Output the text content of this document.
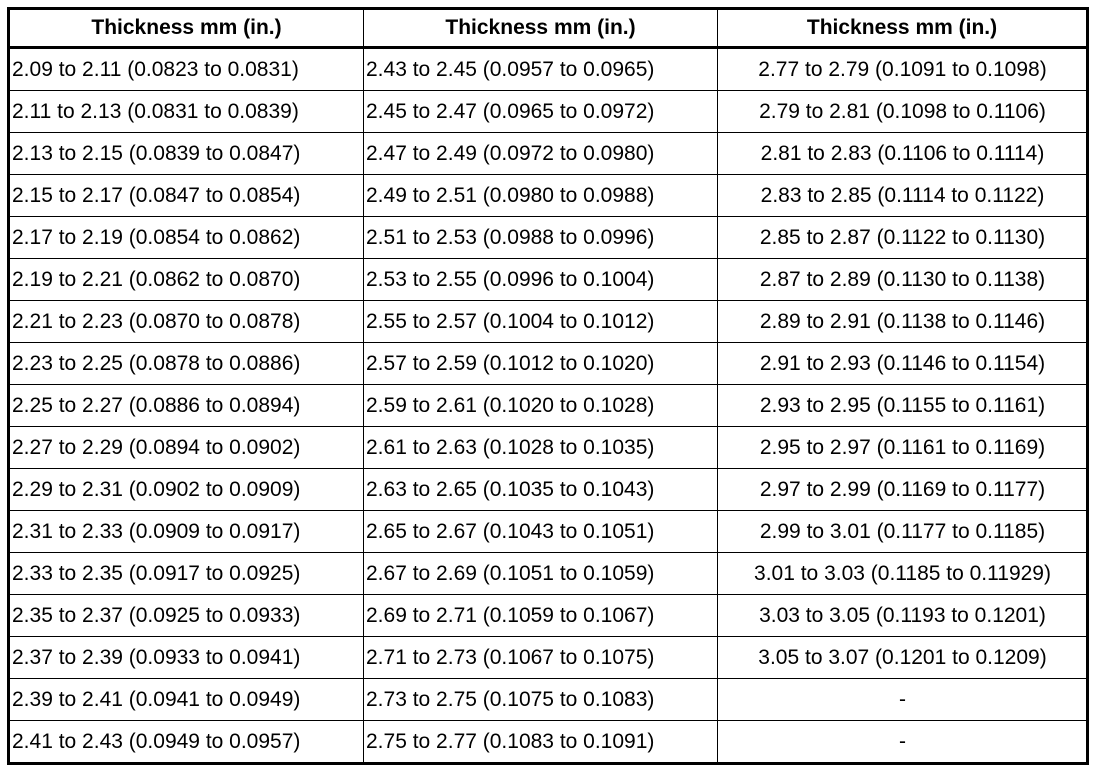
Thickness mm (in.)	Thickness mm (in.)	Thickness mm (in.)
2.09 to 2.11 (0.0823 to 0.0831)	2.43 to 2.45 (0.0957 to 0.0965)	2.77 to 2.79 (0.1091 to 0.1098)
2.11 to 2.13 (0.0831 to 0.0839)	2.45 to 2.47 (0.0965 to 0.0972)	2.79 to 2.81 (0.1098 to 0.1106)
2.13 to 2.15 (0.0839 to 0.0847)	2.47 to 2.49 (0.0972 to 0.0980)	2.81 to 2.83 (0.1106 to 0.1114)
2.15 to 2.17 (0.0847 to 0.0854)	2.49 to 2.51 (0.0980 to 0.0988)	2.83 to 2.85 (0.1114 to 0.1122)
2.17 to 2.19 (0.0854 to 0.0862)	2.51 to 2.53 (0.0988 to 0.0996)	2.85 to 2.87 (0.1122 to 0.1130)
2.19 to 2.21 (0.0862 to 0.0870)	2.53 to 2.55 (0.0996 to 0.1004)	2.87 to 2.89 (0.1130 to 0.1138)
2.21 to 2.23 (0.0870 to 0.0878)	2.55 to 2.57 (0.1004 to 0.1012)	2.89 to 2.91 (0.1138 to 0.1146)
2.23 to 2.25 (0.0878 to 0.0886)	2.57 to 2.59 (0.1012 to 0.1020)	2.91 to 2.93 (0.1146 to 0.1154)
2.25 to 2.27 (0.0886 to 0.0894)	2.59 to 2.61 (0.1020 to 0.1028)	2.93 to 2.95 (0.1155 to 0.1161)
2.27 to 2.29 (0.0894 to 0.0902)	2.61 to 2.63 (0.1028 to 0.1035)	2.95 to 2.97 (0.1161 to 0.1169)
2.29 to 2.31 (0.0902 to 0.0909)	2.63 to 2.65 (0.1035 to 0.1043)	2.97 to 2.99 (0.1169 to 0.1177)
2.31 to 2.33 (0.0909 to 0.0917)	2.65 to 2.67 (0.1043 to 0.1051)	2.99 to 3.01 (0.1177 to 0.1185)
2.33 to 2.35 (0.0917 to 0.0925)	2.67 to 2.69 (0.1051 to 0.1059)	3.01 to 3.03 (0.1185 to 0.11929)
2.35 to 2.37 (0.0925 to 0.0933)	2.69 to 2.71 (0.1059 to 0.1067)	3.03 to 3.05 (0.1193 to 0.1201)
2.37 to 2.39 (0.0933 to 0.0941)	2.71 to 2.73 (0.1067 to 0.1075)	3.05 to 3.07 (0.1201 to 0.1209)
2.39 to 2.41 (0.0941 to 0.0949)	2.73 to 2.75 (0.1075 to 0.1083)	-
2.41 to 2.43 (0.0949 to 0.0957)	2.75 to 2.77 (0.1083 to 0.1091)	-
